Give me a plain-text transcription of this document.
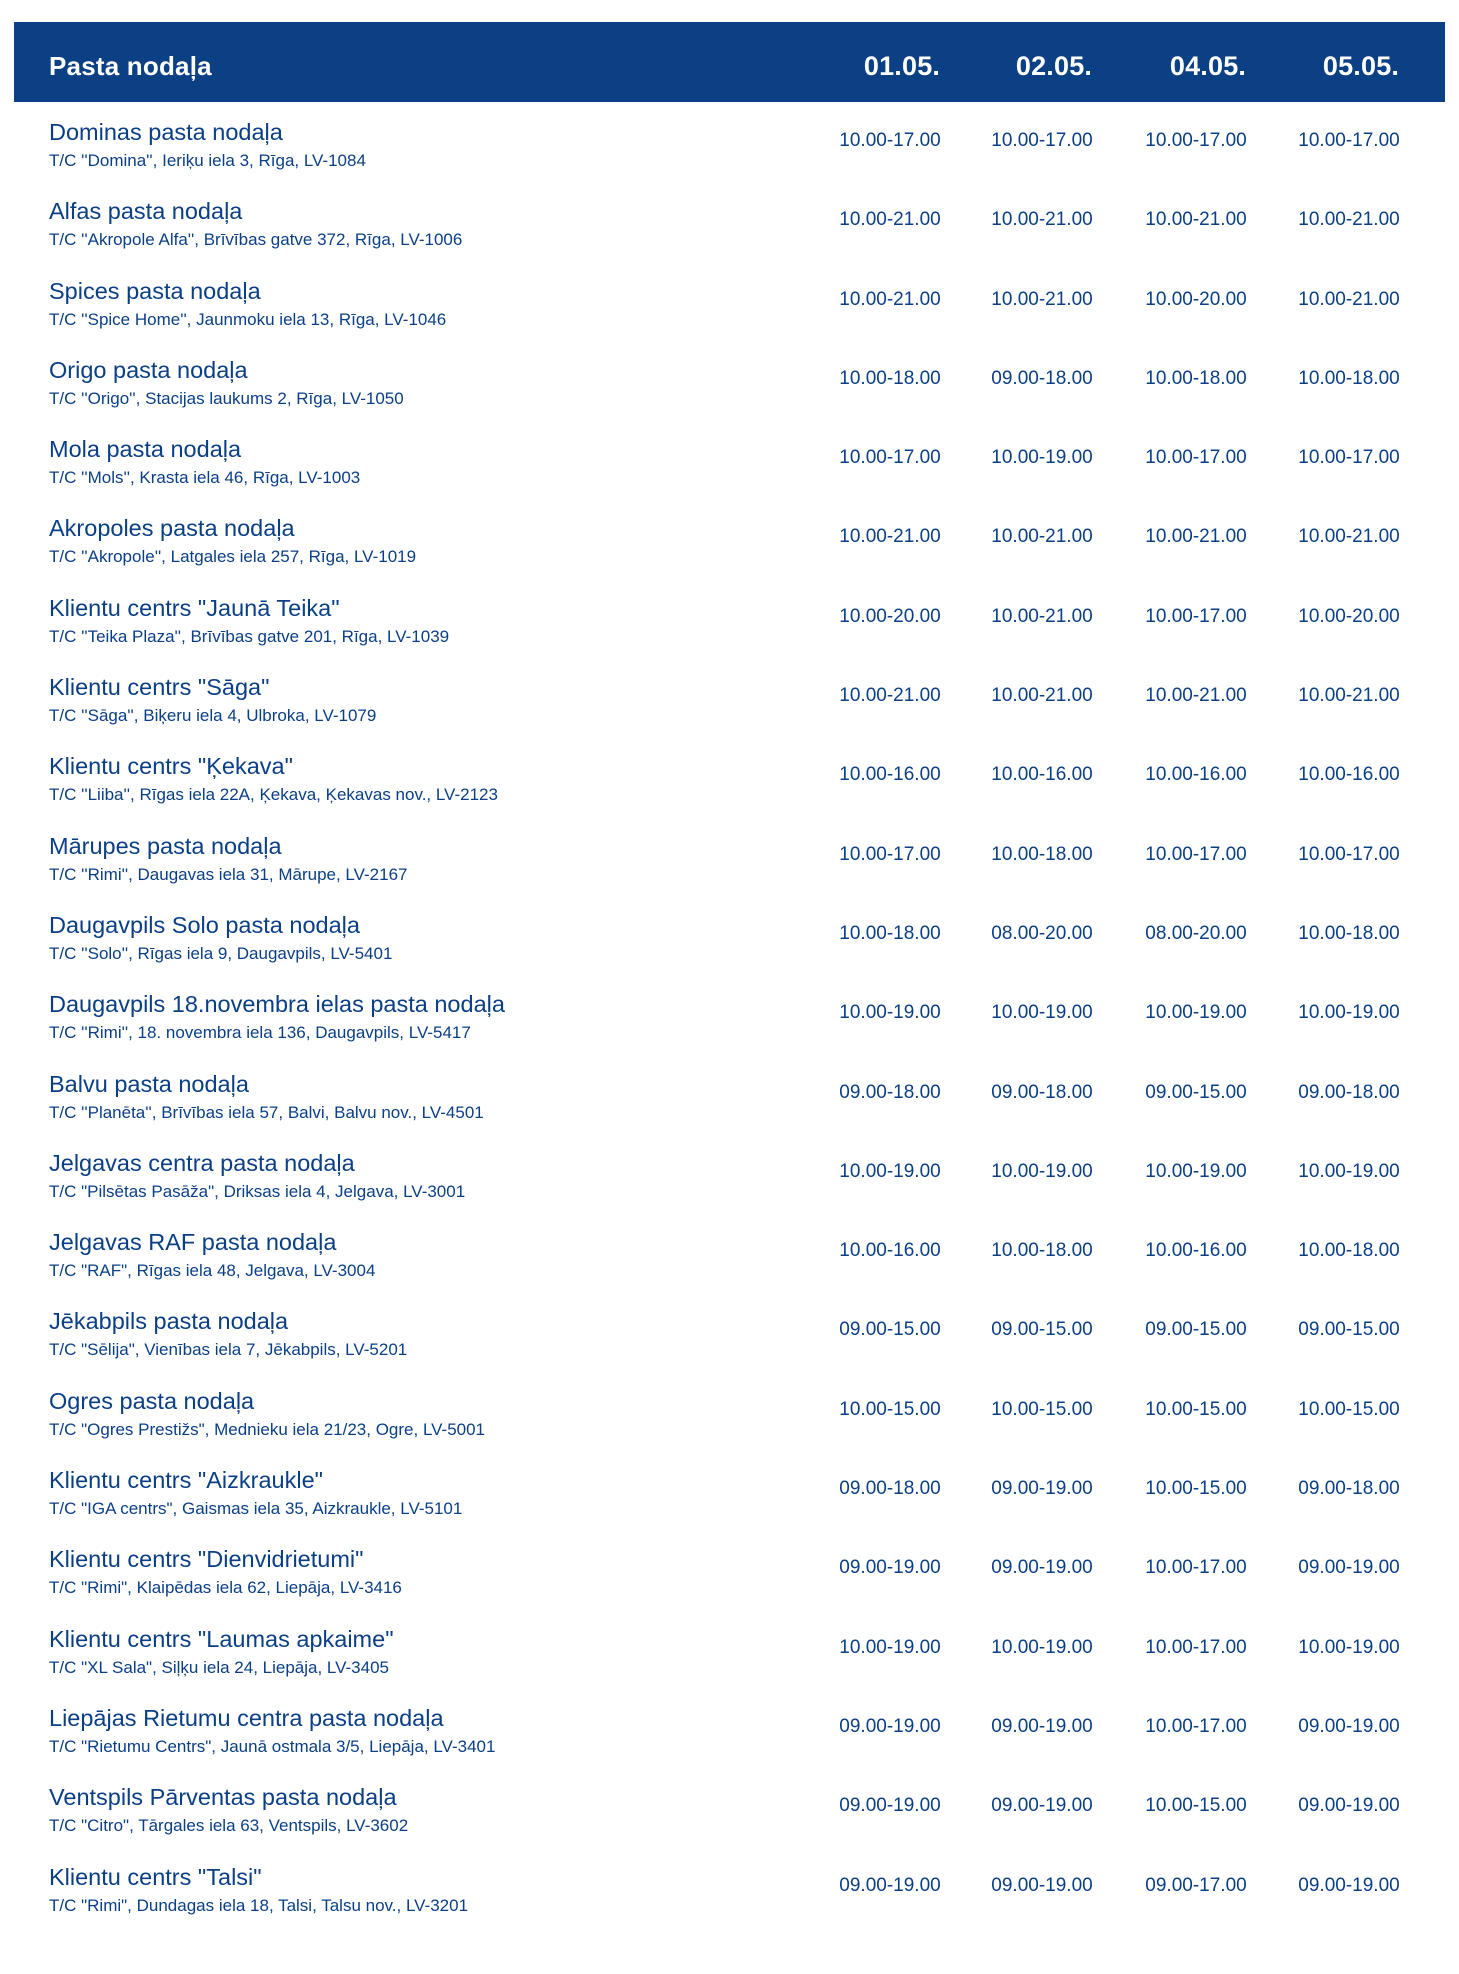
Pasta nodaļa	01.05.	02.05.	04.05.	05.05.
Dominas pasta nodaļa
T/C ''Domina'', Ieriķu iela 3, Rīga, LV-1084
10.00-17.00	10.00-17.00	10.00-17.00	10.00-17.00
Alfas pasta nodaļa
T/C ''Akropole Alfa'', Brīvības gatve 372, Rīga, LV-1006
10.00-21.00	10.00-21.00	10.00-21.00	10.00-21.00
Spices pasta nodaļa
T/C ''Spice Home'', Jaunmoku iela 13, Rīga, LV-1046
10.00-21.00	10.00-21.00	10.00-20.00	10.00-21.00
Origo pasta nodaļa
T/C ''Origo'', Stacijas laukums 2, Rīga, LV-1050
10.00-18.00	09.00-18.00	10.00-18.00	10.00-18.00
Mola pasta nodaļa
T/C ''Mols'', Krasta iela 46, Rīga, LV-1003
10.00-17.00	10.00-19.00	10.00-17.00	10.00-17.00
Akropoles pasta nodaļa
T/C ''Akropole'', Latgales iela 257, Rīga, LV-1019
10.00-21.00	10.00-21.00	10.00-21.00	10.00-21.00
Klientu centrs "Jaunā Teika"
T/C ''Teika Plaza'', Brīvības gatve 201, Rīga, LV-1039
10.00-20.00	10.00-21.00	10.00-17.00	10.00-20.00
Klientu centrs "Sāga"
T/C ''Sāga'', Biķeru iela 4, Ulbroka, LV-1079
10.00-21.00	10.00-21.00	10.00-21.00	10.00-21.00
Klientu centrs "Ķekava"
T/C ''Liiba'', Rīgas iela 22A, Ķekava, Ķekavas nov., LV-2123
10.00-16.00	10.00-16.00	10.00-16.00	10.00-16.00
Mārupes pasta nodaļa
T/C ''Rimi'', Daugavas iela 31, Mārupe, LV-2167
10.00-17.00	10.00-18.00	10.00-17.00	10.00-17.00
Daugavpils Solo pasta nodaļa
T/C ''Solo'', Rīgas iela 9, Daugavpils, LV-5401
10.00-18.00	08.00-20.00	08.00-20.00	10.00-18.00
Daugavpils 18.novembra ielas pasta nodaļa
T/C ''Rimi'', 18. novembra iela 136, Daugavpils, LV-5417
10.00-19.00	10.00-19.00	10.00-19.00	10.00-19.00
Balvu pasta nodaļa
T/C ''Planēta'', Brīvības iela 57, Balvi, Balvu nov., LV-4501
09.00-18.00	09.00-18.00	09.00-15.00	09.00-18.00
Jelgavas centra pasta nodaļa
T/C "Pilsētas Pasāža", Driksas iela 4, Jelgava, LV-3001
10.00-19.00	10.00-19.00	10.00-19.00	10.00-19.00
Jelgavas RAF pasta nodaļa
T/C "RAF", Rīgas iela 48, Jelgava, LV-3004
10.00-16.00	10.00-18.00	10.00-16.00	10.00-18.00
Jēkabpils pasta nodaļa
T/C "Sēlija", Vienības iela 7, Jēkabpils, LV-5201
09.00-15.00	09.00-15.00	09.00-15.00	09.00-15.00
Ogres pasta nodaļa
T/C "Ogres Prestižs", Mednieku iela 21/23, Ogre, LV-5001
10.00-15.00	10.00-15.00	10.00-15.00	10.00-15.00
Klientu centrs "Aizkraukle"
T/C "IGA centrs", Gaismas iela 35, Aizkraukle, LV-5101
09.00-18.00	09.00-19.00	10.00-15.00	09.00-18.00
Klientu centrs "Dienvidrietumi"
T/C "Rimi", Klaipēdas iela 62, Liepāja, LV-3416
09.00-19.00	09.00-19.00	10.00-17.00	09.00-19.00
Klientu centrs "Laumas apkaime"
T/C "XL Sala", Siļķu iela 24, Liepāja, LV-3405
10.00-19.00	10.00-19.00	10.00-17.00	10.00-19.00
Liepājas Rietumu centra pasta nodaļa
T/C "Rietumu Centrs", Jaunā ostmala 3/5, Liepāja, LV-3401
09.00-19.00	09.00-19.00	10.00-17.00	09.00-19.00
Ventspils Pārventas pasta nodaļa
T/C "Citro", Tārgales iela 63, Ventspils, LV-3602
09.00-19.00	09.00-19.00	10.00-15.00	09.00-19.00
Klientu centrs "Talsi"
T/C "Rimi", Dundagas iela 18, Talsi, Talsu nov., LV-3201
09.00-19.00	09.00-19.00	09.00-17.00	09.00-19.00
